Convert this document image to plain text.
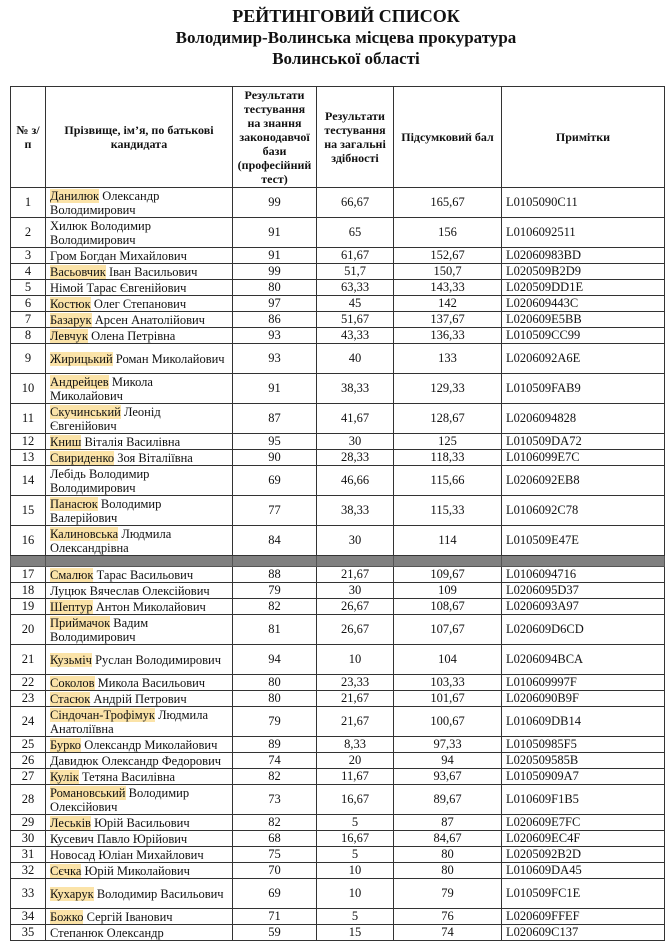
РЕЙТИНГОВИЙ СПИСОК
Володимир-Волинська місцева прокуратура
Волинської області
№ з/п	Прізвище, ім’я, по батькові кандидата	Результати тестування на знання законодавчої бази (професійний тест)	Результати тестування на загальні здібності	Підсумковий бал	Примітки
1	Данилюк Олександр Володимирович	99	66,67	165,67	L0105090C11
2	Хилюк Володимир Володимирович	91	65	156	L0106092511
3	Гром Богдан Михайлович	91	61,67	152,67	L02060983BD
4	Васьовчик Іван Васильович	99	51,7	150,7	L020509B2D9
5	Німой Тарас Євгенійович	80	63,33	143,33	L020509DD1E
6	Костюк Олег Степанович	97	45	142	L020609443C
7	Базарук Арсен Анатолійович	86	51,67	137,67	L020609E5BB
8	Левчук Олена Петрівна	93	43,33	136,33	L010509CC99
9	Жирицький Роман Миколайович	93	40	133	L0206092A6E
10	Андрейцев Микола Миколайович	91	38,33	129,33	L010509FAB9
11	Скучинський Леонід Євгенійович	87	41,67	128,67	L0206094828
12	Книш Віталія Василівна	95	30	125	L010509DA72
13	Свириденко Зоя Віталіївна	90	28,33	118,33	L0106099E7C
14	Лебідь Володимир Володимирович	69	46,66	115,66	L0206092EB8
15	Панасюк Володимир Валерійович	77	38,33	115,33	L0106092C78
16	Калиновська Людмила Олександрівна	84	30	114	L010509E47E

17	Смалюк Тарас Васильович	88	21,67	109,67	L0106094716
18	Луцюк Вячеслав Олексійович	79	30	109	L0206095D37
19	Шептур Антон Миколайович	82	26,67	108,67	L0206093A97
20	Приймачок Вадим Володимирович	81	26,67	107,67	L020609D6CD
21	Кузьміч Руслан Володимирович	94	10	104	L0206094BCA
22	Соколов Микола Васильович	80	23,33	103,33	L010609997F
23	Стасюк Андрій Петрович	80	21,67	101,67	L0206090B9F
24	Сіндочан-Трофімук Людмила Анатоліївна	79	21,67	100,67	L010609DB14
25	Бурко Олександр Миколайович	89	8,33	97,33	L01050985F5
26	Давидюк Олександр Федорович	74	20	94	L020509585B
27	Кулік Тетяна Василівна	82	11,67	93,67	L01050909A7
28	Романовський Володимир Олексійович	73	16,67	89,67	L010609F1B5
29	Леськів Юрій Васильович	82	5	87	L020609E7FC
30	Кусевич Павло Юрійович	68	16,67	84,67	L020609EC4F
31	Новосад Юліан Михайлович	75	5	80	L0205092B2D
32	Сєчка Юрій Миколайович	70	10	80	L010609DA45
33	Кухарук Володимир Васильович	69	10	79	L010509FC1E
34	Божко Сергій Іванович	71	5	76	L020609FFEF
35	Степанюк Олександр	59	15	74	L020609C137
